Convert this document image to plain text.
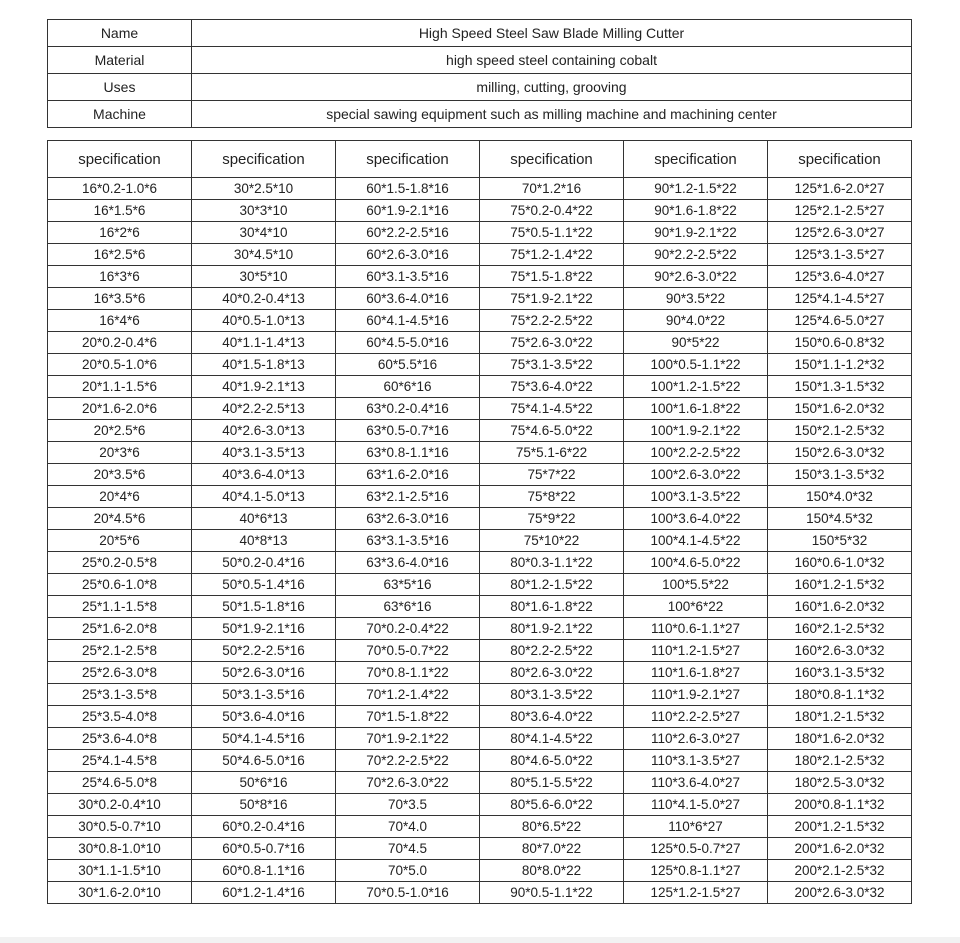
Name	High Speed Steel Saw Blade Milling Cutter
Material	high speed steel containing cobalt
Uses	milling, cutting, grooving
Machine	special sawing equipment such as milling machine and machining center
specification	specification	specification	specification	specification	specification
16*0.2-1.0*6	30*2.5*10	60*1.5-1.8*16	70*1.2*16	90*1.2-1.5*22	125*1.6-2.0*27
16*1.5*6	30*3*10	60*1.9-2.1*16	75*0.2-0.4*22	90*1.6-1.8*22	125*2.1-2.5*27
16*2*6	30*4*10	60*2.2-2.5*16	75*0.5-1.1*22	90*1.9-2.1*22	125*2.6-3.0*27
16*2.5*6	30*4.5*10	60*2.6-3.0*16	75*1.2-1.4*22	90*2.2-2.5*22	125*3.1-3.5*27
16*3*6	30*5*10	60*3.1-3.5*16	75*1.5-1.8*22	90*2.6-3.0*22	125*3.6-4.0*27
16*3.5*6	40*0.2-0.4*13	60*3.6-4.0*16	75*1.9-2.1*22	90*3.5*22	125*4.1-4.5*27
16*4*6	40*0.5-1.0*13	60*4.1-4.5*16	75*2.2-2.5*22	90*4.0*22	125*4.6-5.0*27
20*0.2-0.4*6	40*1.1-1.4*13	60*4.5-5.0*16	75*2.6-3.0*22	90*5*22	150*0.6-0.8*32
20*0.5-1.0*6	40*1.5-1.8*13	60*5.5*16	75*3.1-3.5*22	100*0.5-1.1*22	150*1.1-1.2*32
20*1.1-1.5*6	40*1.9-2.1*13	60*6*16	75*3.6-4.0*22	100*1.2-1.5*22	150*1.3-1.5*32
20*1.6-2.0*6	40*2.2-2.5*13	63*0.2-0.4*16	75*4.1-4.5*22	100*1.6-1.8*22	150*1.6-2.0*32
20*2.5*6	40*2.6-3.0*13	63*0.5-0.7*16	75*4.6-5.0*22	100*1.9-2.1*22	150*2.1-2.5*32
20*3*6	40*3.1-3.5*13	63*0.8-1.1*16	75*5.1-6*22	100*2.2-2.5*22	150*2.6-3.0*32
20*3.5*6	40*3.6-4.0*13	63*1.6-2.0*16	75*7*22	100*2.6-3.0*22	150*3.1-3.5*32
20*4*6	40*4.1-5.0*13	63*2.1-2.5*16	75*8*22	100*3.1-3.5*22	150*4.0*32
20*4.5*6	40*6*13	63*2.6-3.0*16	75*9*22	100*3.6-4.0*22	150*4.5*32
20*5*6	40*8*13	63*3.1-3.5*16	75*10*22	100*4.1-4.5*22	150*5*32
25*0.2-0.5*8	50*0.2-0.4*16	63*3.6-4.0*16	80*0.3-1.1*22	100*4.6-5.0*22	160*0.6-1.0*32
25*0.6-1.0*8	50*0.5-1.4*16	63*5*16	80*1.2-1.5*22	100*5.5*22	160*1.2-1.5*32
25*1.1-1.5*8	50*1.5-1.8*16	63*6*16	80*1.6-1.8*22	100*6*22	160*1.6-2.0*32
25*1.6-2.0*8	50*1.9-2.1*16	70*0.2-0.4*22	80*1.9-2.1*22	110*0.6-1.1*27	160*2.1-2.5*32
25*2.1-2.5*8	50*2.2-2.5*16	70*0.5-0.7*22	80*2.2-2.5*22	110*1.2-1.5*27	160*2.6-3.0*32
25*2.6-3.0*8	50*2.6-3.0*16	70*0.8-1.1*22	80*2.6-3.0*22	110*1.6-1.8*27	160*3.1-3.5*32
25*3.1-3.5*8	50*3.1-3.5*16	70*1.2-1.4*22	80*3.1-3.5*22	110*1.9-2.1*27	180*0.8-1.1*32
25*3.5-4.0*8	50*3.6-4.0*16	70*1.5-1.8*22	80*3.6-4.0*22	110*2.2-2.5*27	180*1.2-1.5*32
25*3.6-4.0*8	50*4.1-4.5*16	70*1.9-2.1*22	80*4.1-4.5*22	110*2.6-3.0*27	180*1.6-2.0*32
25*4.1-4.5*8	50*4.6-5.0*16	70*2.2-2.5*22	80*4.6-5.0*22	110*3.1-3.5*27	180*2.1-2.5*32
25*4.6-5.0*8	50*6*16	70*2.6-3.0*22	80*5.1-5.5*22	110*3.6-4.0*27	180*2.5-3.0*32
30*0.2-0.4*10	50*8*16	70*3.5	80*5.6-6.0*22	110*4.1-5.0*27	200*0.8-1.1*32
30*0.5-0.7*10	60*0.2-0.4*16	70*4.0	80*6.5*22	110*6*27	200*1.2-1.5*32
30*0.8-1.0*10	60*0.5-0.7*16	70*4.5	80*7.0*22	125*0.5-0.7*27	200*1.6-2.0*32
30*1.1-1.5*10	60*0.8-1.1*16	70*5.0	80*8.0*22	125*0.8-1.1*27	200*2.1-2.5*32
30*1.6-2.0*10	60*1.2-1.4*16	70*0.5-1.0*16	90*0.5-1.1*22	125*1.2-1.5*27	200*2.6-3.0*32
